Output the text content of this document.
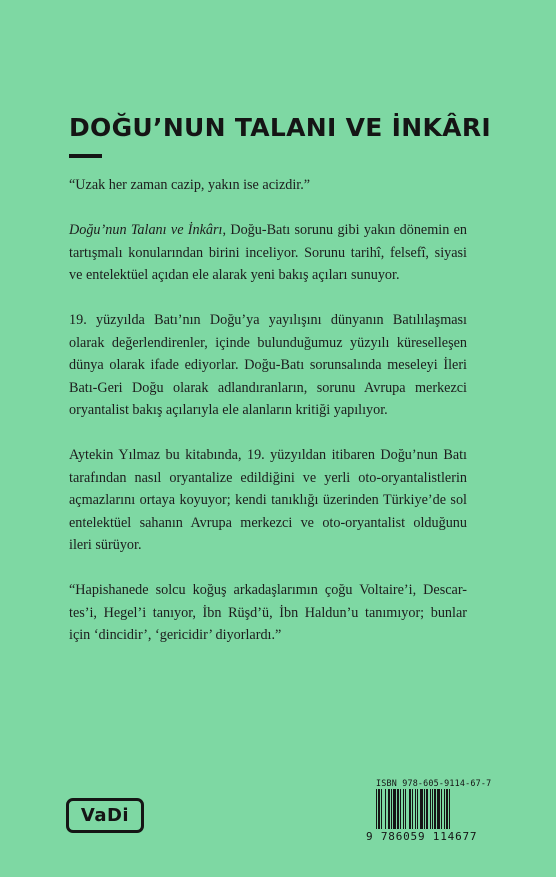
DOĞU’NUN TALANI VE İNKÂRI

“Uzak her zaman cazip, yakın ise acizdir.”

Doğu’nun Talanı ve İnkârı, Doğu-Batı sorunu gibi yakın dönemin en
tartışmalı konularından birini inceliyor. Sorunu tarihî, felsefî, siyasi
ve entelektüel açıdan ele alarak yeni bakış açıları sunuyor.

19. yüzyılda Batı’nın Doğu’ya yayılışını dünyanın Batılılaşması
olarak değerlendirenler, içinde bulunduğumuz yüzyılı küreselleşen
dünya olarak ifade ediyorlar. Doğu-Batı sorunsalında meseleyi İleri
Batı-Geri Doğu olarak adlandıranların, sorunu Avrupa merkezci
oryantalist bakış açılarıyla ele alanların kritiği yapılıyor.

Aytekin Yılmaz bu kitabında, 19. yüzyıldan itibaren Doğu’nun Batı
tarafından nasıl oryantalize edildiğini ve yerli oto-oryantalistlerin
açmazlarını ortaya koyuyor; kendi tanıklığı üzerinden Türkiye’de sol
entelektüel sahanın Avrupa merkezci ve oto-oryantalist olduğunu
ileri sürüyor.

“Hapishanede solcu koğuş arkadaşlarımın çoğu Voltaire’i, Descar-
tes’i, Hegel’i tanıyor, İbn Rüşd’ü, İbn Haldun’u tanımıyor; bunlar
için ‘dincidir’, ‘gericidir’ diyorlardı.”

VaDi
ISBN 978-605-9114-67-7
9 786059 114677
